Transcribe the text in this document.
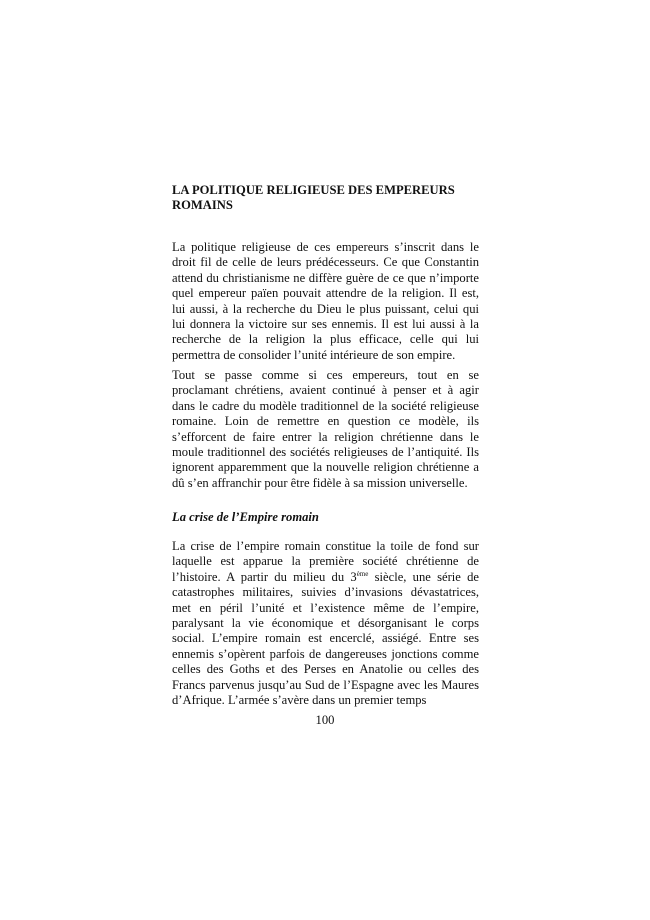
LA POLITIQUE RELIGIEUSE DES EMPEREURS ROMAINS

La politique religieuse de ces empereurs s’inscrit dans le droit fil de celle de leurs prédécesseurs. Ce que Constantin attend du christianisme ne diffère guère de ce que n’importe quel empereur païen pouvait attendre de la religion. Il est, lui aussi, à la recherche du Dieu le plus puissant, celui qui lui donnera la victoire sur ses ennemis. Il est lui aussi à la recherche de la religion la plus efficace, celle qui lui permettra de consolider l’unité intérieure de son empire.

Tout se passe comme si ces empereurs, tout en se proclamant chrétiens, avaient continué à penser et à agir dans le cadre du modèle traditionnel de la société religieuse romaine. Loin de remettre en question ce modèle, ils s’efforcent de faire entrer la religion chrétienne dans le moule traditionnel des sociétés religieuses de l’antiquité. Ils ignorent apparemment que la nouvelle religion chrétienne a dû s’en affranchir pour être fidèle à sa mission universelle.

La crise de l’Empire romain

La crise de l’empire romain constitue la toile de fond sur laquelle est apparue la première société chrétienne de l’histoire. A partir du milieu du 3ème siècle, une série de catastrophes militaires, suivies d’invasions dévastatrices, met en péril l’unité et l’existence même de l’empire, paralysant la vie économique et désorganisant le corps social. L’empire romain est encerclé, assiégé. Entre ses ennemis s’opèrent parfois de dangereuses jonctions comme celles des Goths et des Perses en Anatolie ou celles des Francs parvenus jusqu’au Sud de l’Espagne avec les Maures d’Afrique. L’armée s’avère dans un premier temps

100
